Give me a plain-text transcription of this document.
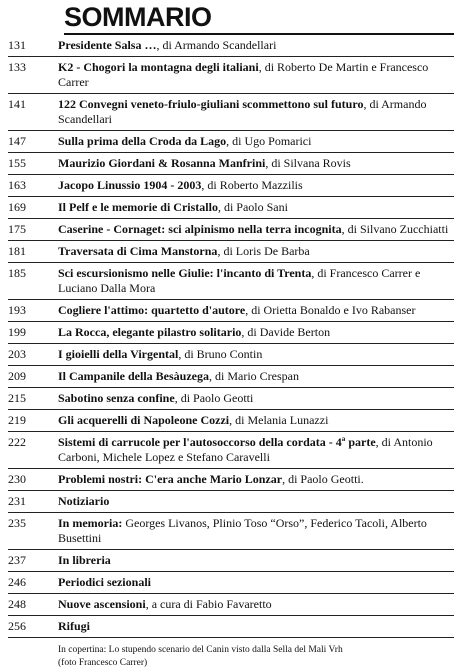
SOMMARIO
131	Presidente Salsa …, di Armando Scandellari
133	K2 - Chogori la montagna degli italiani, di Roberto De Martin e Francesco Carrer
141	122 Convegni veneto-friulo-giuliani scommettono sul futuro, di Armando Scandellari
147	Sulla prima della Croda da Lago, di Ugo Pomarici
155	Maurizio Giordani & Rosanna Manfrini, di Silvana Rovis
163	Jacopo Linussio 1904 - 2003, di Roberto Mazzilis
169	Il Pelf e le memorie di Cristallo, di Paolo Sani
175	Caserine - Cornaget: sci alpinismo nella terra incognita, di Silvano Zucchiatti
181	Traversata di Cima Manstorna, di Loris De Barba
185	Sci escursionismo nelle Giulie: l'incanto di Trenta, di Francesco Carrer e Luciano Dalla Mora
193	Cogliere l'attimo: quartetto d'autore, di Orietta Bonaldo e Ivo Rabanser
199	La Rocca, elegante pilastro solitario, di Davide Berton
203	I gioielli della Virgental, di Bruno Contin
209	Il Campanile della Besàuzega, di Mario Crespan
215	Sabotino senza confine, di Paolo Geotti
219	Gli acquerelli di Napoleone Cozzi, di Melania Lunazzi
222	Sistemi di carrucole per l'autosoccorso della cordata - 4ª parte, di Antonio Carboni, Michele Lopez e Stefano Caravelli
230	Problemi nostri: C'era anche Mario Lonzar, di Paolo Geotti.
231	Notiziario
235	In memoria: Georges Livanos, Plinio Toso “Orso”, Federico Tacoli, Alberto Busettini
237	In libreria
246	Periodici sezionali
248	Nuove ascensioni, a cura di Fabio Favaretto
256	Rifugi
In copertina: Lo stupendo scenario del Canin visto dalla Sella del Mali Vrh
(foto Francesco Carrer)
